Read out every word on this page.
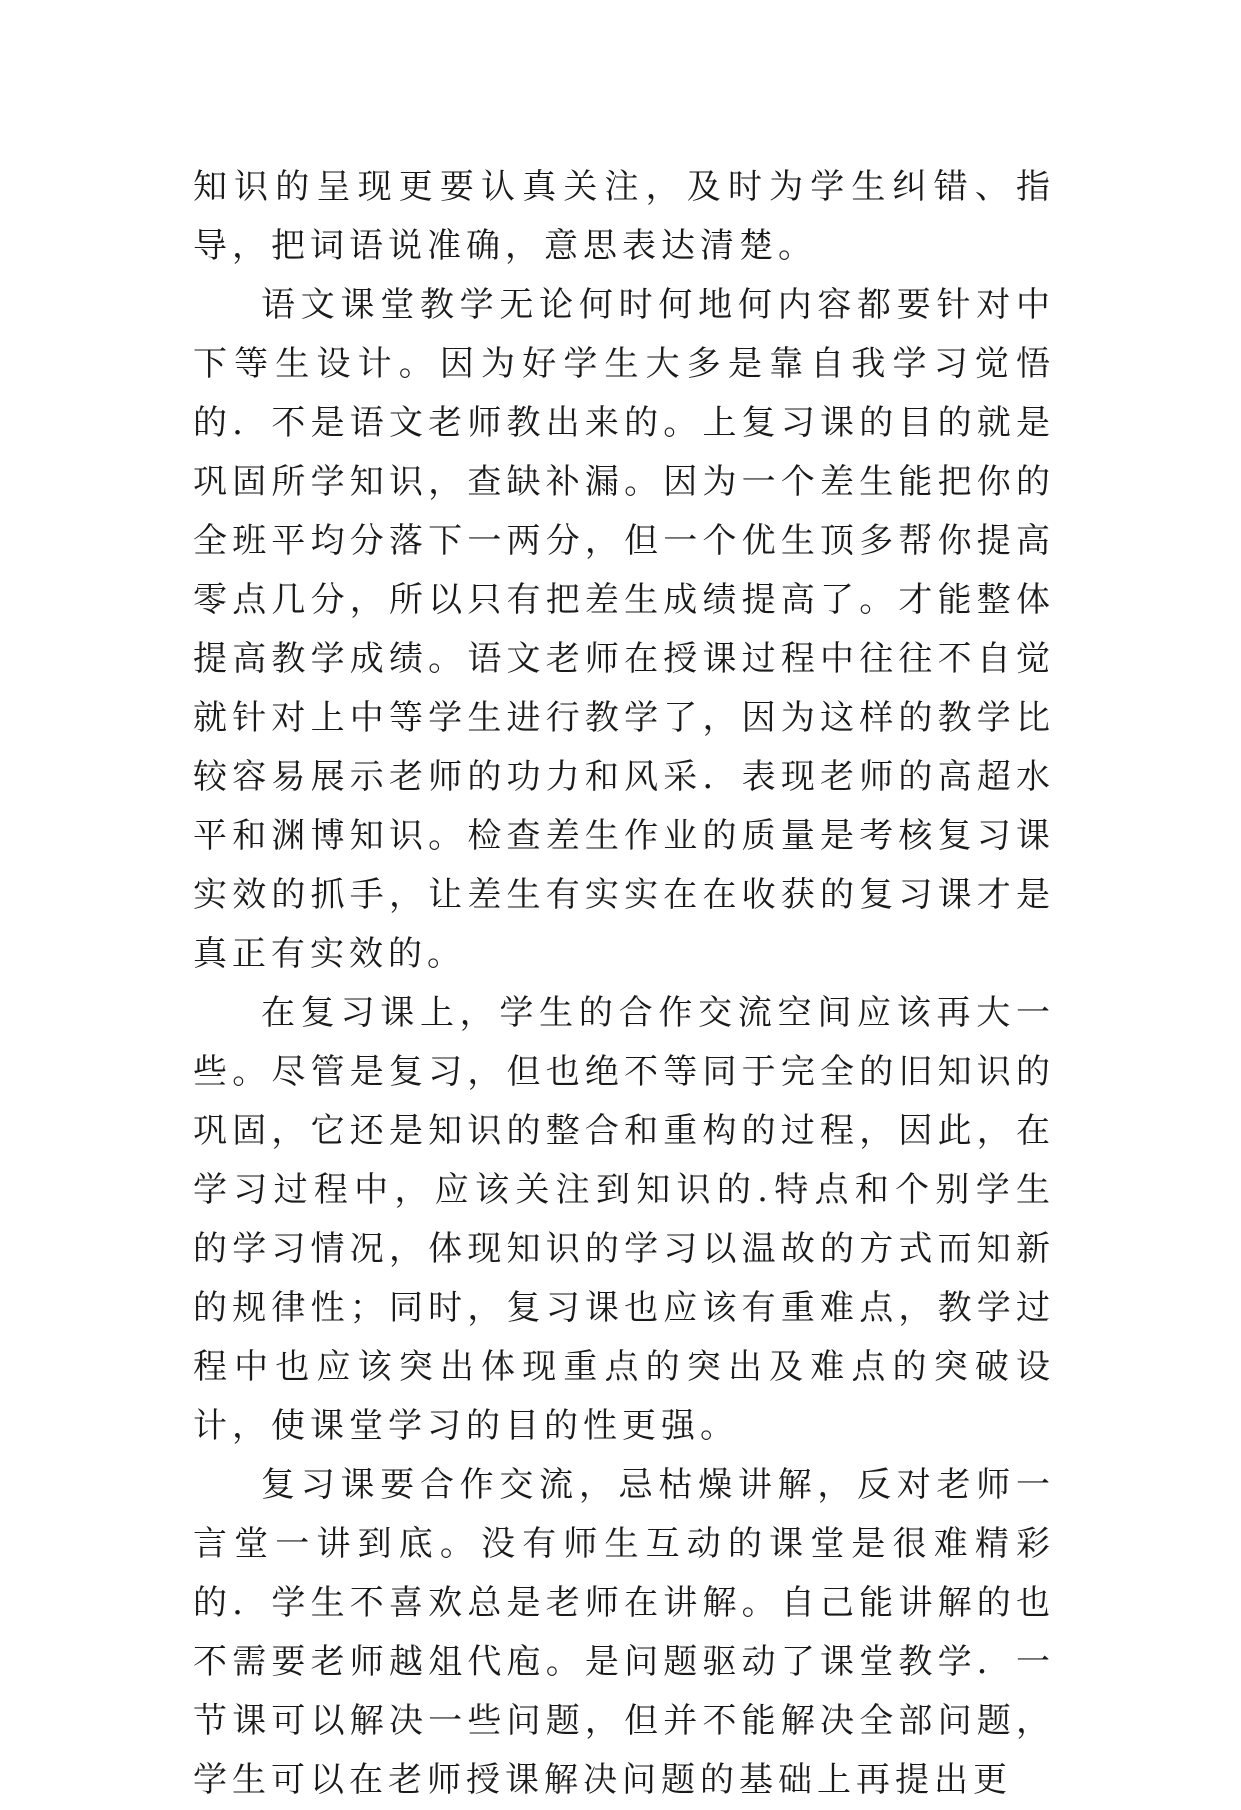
知识的呈现更要认真关注，及时为学生纠错、指导，把词语说准确，意思表达清楚。

语文课堂教学无论何时何地何内容都要针对中下等生设计。因为好学生大多是靠自我学习觉悟的．不是语文老师教出来的。上复习课的目的就是巩固所学知识，查缺补漏。因为一个差生能把你的全班平均分落下一两分，但一个优生顶多帮你提高零点几分，所以只有把差生成绩提高了。才能整体提高教学成绩。语文老师在授课过程中往往不自觉就针对上中等学生进行教学了，因为这样的教学比较容易展示老师的功力和风采．表现老师的高超水平和渊博知识。检查差生作业的质量是考核复习课实效的抓手，让差生有实实在在收获的复习课才是真正有实效的。

在复习课上，学生的合作交流空间应该再大一些。尽管是复习，但也绝不等同于完全的旧知识的巩固，它还是知识的整合和重构的过程，因此，在学习过程中，应该关注到知识的.特点和个别学生的学习情况，体现知识的学习以温故的方式而知新的规律性；同时，复习课也应该有重难点，教学过程中也应该突出体现重点的突出及难点的突破设计，使课堂学习的目的性更强。

复习课要合作交流，忌枯燥讲解，反对老师一言堂一讲到底。没有师生互动的课堂是很难精彩的．学生不喜欢总是老师在讲解。自己能讲解的也不需要老师越俎代庖。是问题驱动了课堂教学．一节课可以解决一些问题，但并不能解决全部问题，学生可以在老师授课解决问题的基础上再提出更
